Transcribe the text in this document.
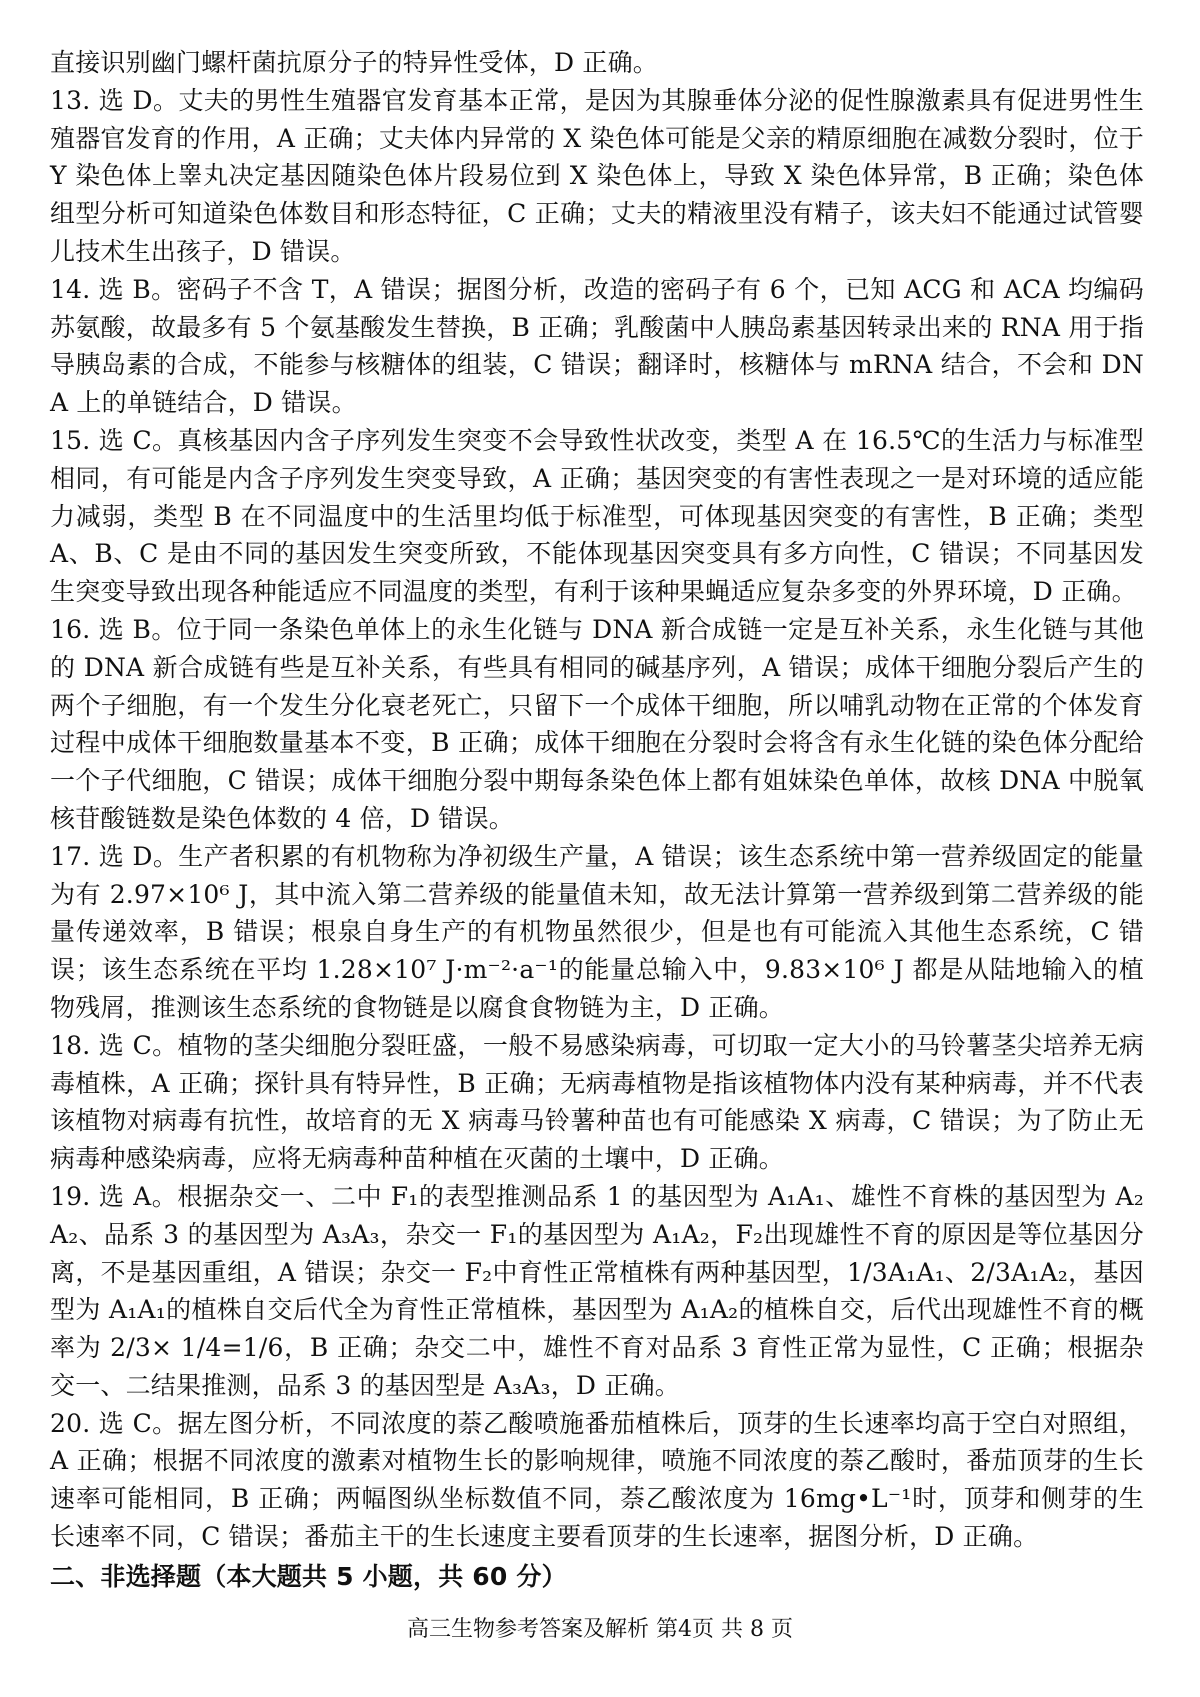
直接识别幽门螺杆菌抗原分子的特异性受体，D 正确。

13. 选 D。丈夫的男性生殖器官发育基本正常，是因为其腺垂体分泌的促性腺激素具有促进男性生殖器官发育的作用，A 正确；丈夫体内异常的 X 染色体可能是父亲的精原细胞在减数分裂时，位于 Y 染色体上睾丸决定基因随染色体片段易位到 X 染色体上，导致 X 染色体异常，B 正确；染色体组型分析可知道染色体数目和形态特征，C 正确；丈夫的精液里没有精子，该夫妇不能通过试管婴儿技术生出孩子，D 错误。

14. 选 B。密码子不含 T，A 错误；据图分析，改造的密码子有 6 个，已知 ACG 和 ACA 均编码苏氨酸，故最多有 5 个氨基酸发生替换，B 正确；乳酸菌中人胰岛素基因转录出来的 RNA 用于指导胰岛素的合成，不能参与核糖体的组装，C 错误；翻译时，核糖体与 mRNA 结合，不会和 DNA 上的单链结合，D 错误。

15. 选 C。真核基因内含子序列发生突变不会导致性状改变，类型 A 在 16.5℃的生活力与标准型相同，有可能是内含子序列发生突变导致，A 正确；基因突变的有害性表现之一是对环境的适应能力减弱，类型 B 在不同温度中的生活里均低于标准型，可体现基因突变的有害性，B 正确；类型 A、B、C 是由不同的基因发生突变所致，不能体现基因突变具有多方向性，C 错误；不同基因发生突变导致出现各种能适应不同温度的类型，有利于该种果蝇适应复杂多变的外界环境，D 正确。

16. 选 B。位于同一条染色单体上的永生化链与 DNA 新合成链一定是互补关系，永生化链与其他的 DNA 新合成链有些是互补关系，有些具有相同的碱基序列，A 错误；成体干细胞分裂后产生的两个子细胞，有一个发生分化衰老死亡，只留下一个成体干细胞，所以哺乳动物在正常的个体发育过程中成体干细胞数量基本不变，B 正确；成体干细胞在分裂时会将含有永生化链的染色体分配给一个子代细胞，C 错误；成体干细胞分裂中期每条染色体上都有姐妹染色单体，故核 DNA 中脱氧核苷酸链数是染色体数的 4 倍，D 错误。

17. 选 D。生产者积累的有机物称为净初级生产量，A 错误；该生态系统中第一营养级固定的能量为有 2.97×10⁶ J，其中流入第二营养级的能量值未知，故无法计算第一营养级到第二营养级的能量传递效率，B 错误；根泉自身生产的有机物虽然很少，但是也有可能流入其他生态系统，C 错误；该生态系统在平均 1.28×10⁷ J·m⁻²·a⁻¹的能量总输入中，9.83×10⁶ J 都是从陆地输入的植物残屑，推测该生态系统的食物链是以腐食食物链为主，D 正确。

18. 选 C。植物的茎尖细胞分裂旺盛，一般不易感染病毒，可切取一定大小的马铃薯茎尖培养无病毒植株，A 正确；探针具有特异性，B 正确；无病毒植物是指该植物体内没有某种病毒，并不代表该植物对病毒有抗性，故培育的无 X 病毒马铃薯种苗也有可能感染 X 病毒，C 错误；为了防止无病毒种感染病毒，应将无病毒种苗种植在灭菌的土壤中，D 正确。

19. 选 A。根据杂交一、二中 F₁的表型推测品系 1 的基因型为 A₁A₁、雄性不育株的基因型为 A₂A₂、品系 3 的基因型为 A₃A₃，杂交一 F₁的基因型为 A₁A₂，F₂出现雄性不育的原因是等位基因分离，不是基因重组，A 错误；杂交一 F₂中育性正常植株有两种基因型，1/3A₁A₁、2/3A₁A₂，基因型为 A₁A₁的植株自交后代全为育性正常植株，基因型为 A₁A₂的植株自交，后代出现雄性不育的概率为 2/3× 1/4=1/6，B 正确；杂交二中，雄性不育对品系 3 育性正常为显性，C 正确；根据杂交一、二结果推测，品系 3 的基因型是 A₃A₃，D 正确。

20. 选 C。据左图分析，不同浓度的萘乙酸喷施番茄植株后，顶芽的生长速率均高于空白对照组，A 正确；根据不同浓度的激素对植物生长的影响规律，喷施不同浓度的萘乙酸时，番茄顶芽的生长速率可能相同，B 正确；两幅图纵坐标数值不同，萘乙酸浓度为 16mg•L⁻¹时，顶芽和侧芽的生长速率不同，C 错误；番茄主干的生长速度主要看顶芽的生长速率，据图分析，D 正确。

二、非选择题（本大题共 5 小题，共 60 分）

高三生物参考答案及解析 第4页 共 8 页
